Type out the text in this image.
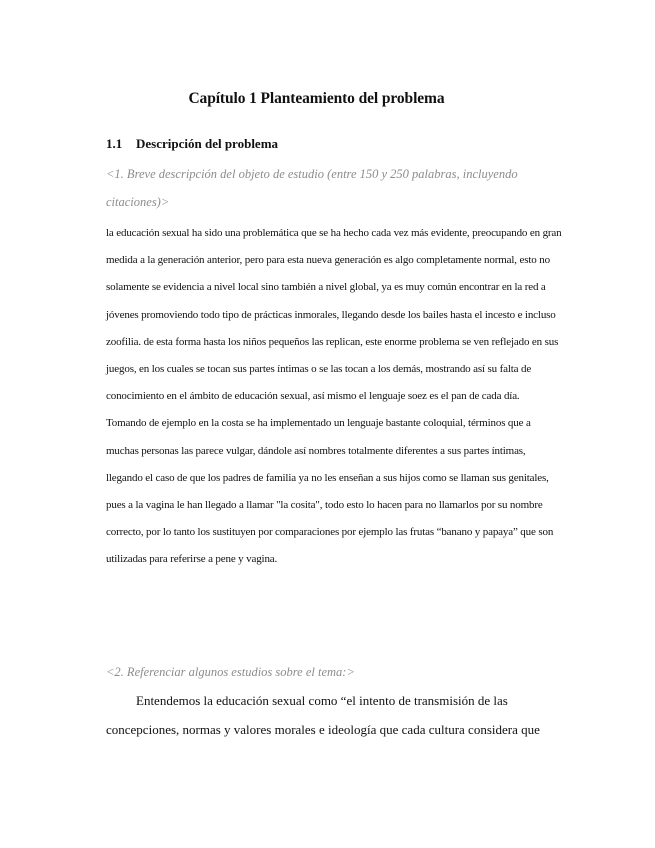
Capítulo 1 Planteamiento del problema
1.1 Descripción del problema

<1. Breve descripción del objeto de estudio (entre 150 y 250 palabras, incluyendo citaciones)>

la educación sexual ha sido una problemática que se ha hecho cada vez más evidente, preocupando en gran medida a la generación anterior, pero para esta nueva generación es algo completamente normal, esto no solamente se evidencia a nivel local sino también a nivel global, ya es muy común encontrar en la red a jóvenes promoviendo todo tipo de prácticas inmorales, llegando desde los bailes hasta el incesto e incluso zoofilia. de esta forma hasta los niños pequeños las replican, este enorme problema se ven reflejado en sus juegos, en los cuales se tocan sus partes íntimas o se las tocan a los demás, mostrando así su falta de conocimiento en el ámbito de educación sexual, así mismo el lenguaje soez es el pan de cada día. Tomando de ejemplo en la costa se ha implementado un lenguaje bastante coloquial, términos que a muchas personas las parece vulgar, dándole así nombres totalmente diferentes a sus partes íntimas, llegando el caso de que los padres de familia ya no les enseñan a sus hijos como se llaman sus genitales, pues a la vagina le han llegado a llamar "la cosita", todo esto lo hacen para no llamarlos por su nombre correcto, por lo tanto los sustituyen por comparaciones por ejemplo las frutas “banano y papaya” que son utilizadas para referirse a pene y vagina.

<2. Referenciar algunos estudios sobre el tema:>

Entendemos la educación sexual como “el intento de transmisión de las concepciones, normas y valores morales e ideología que cada cultura considera que
